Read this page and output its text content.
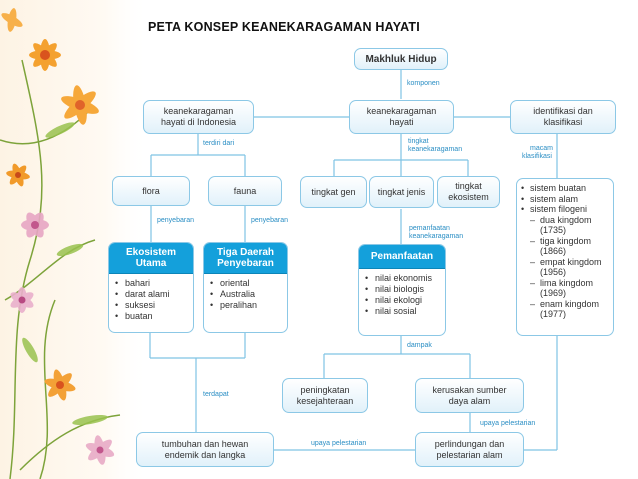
PETA KONSEP KEANEKARAGAMAN HAYATI
Makhluk Hidup
keanekaragaman hayati di Indonesia
keanekaragaman hayati
identifikasi dan klasifikasi
flora	fauna	tingkat gen	tingkat jenis
tingkat ekosistem
• sistem buatan
• sistem alam
• sistem filogeni
– dua kingdom
(1735)
– tiga kingdom
(1866)
– empat kingdom
(1956)
– lima kingdom
(1969)
– enam kingdom
(1977)
Ekosistem Utama
• bahari
• darat alami
• suksesi
• buatan
Tiga Daerah Penyebaran
• oriental
• Australia
• peralihan
Pemanfaatan
• nilai ekonomis
• nilai biologis
• nilai ekologi
• nilai sosial
peningkatan kesejahteraan
kerusakan sumber daya alam
tumbuhan dan hewan endemik dan langka
perlindungan dan pelestarian alam
komponen
terdiri dari	tingkat
keanekaragaman	macam
klasifikasi
penyebaran	penyebaran
pemanfaatan
keanekaragaman
dampak
terdapat
upaya pelestarian
upaya pelestarian
